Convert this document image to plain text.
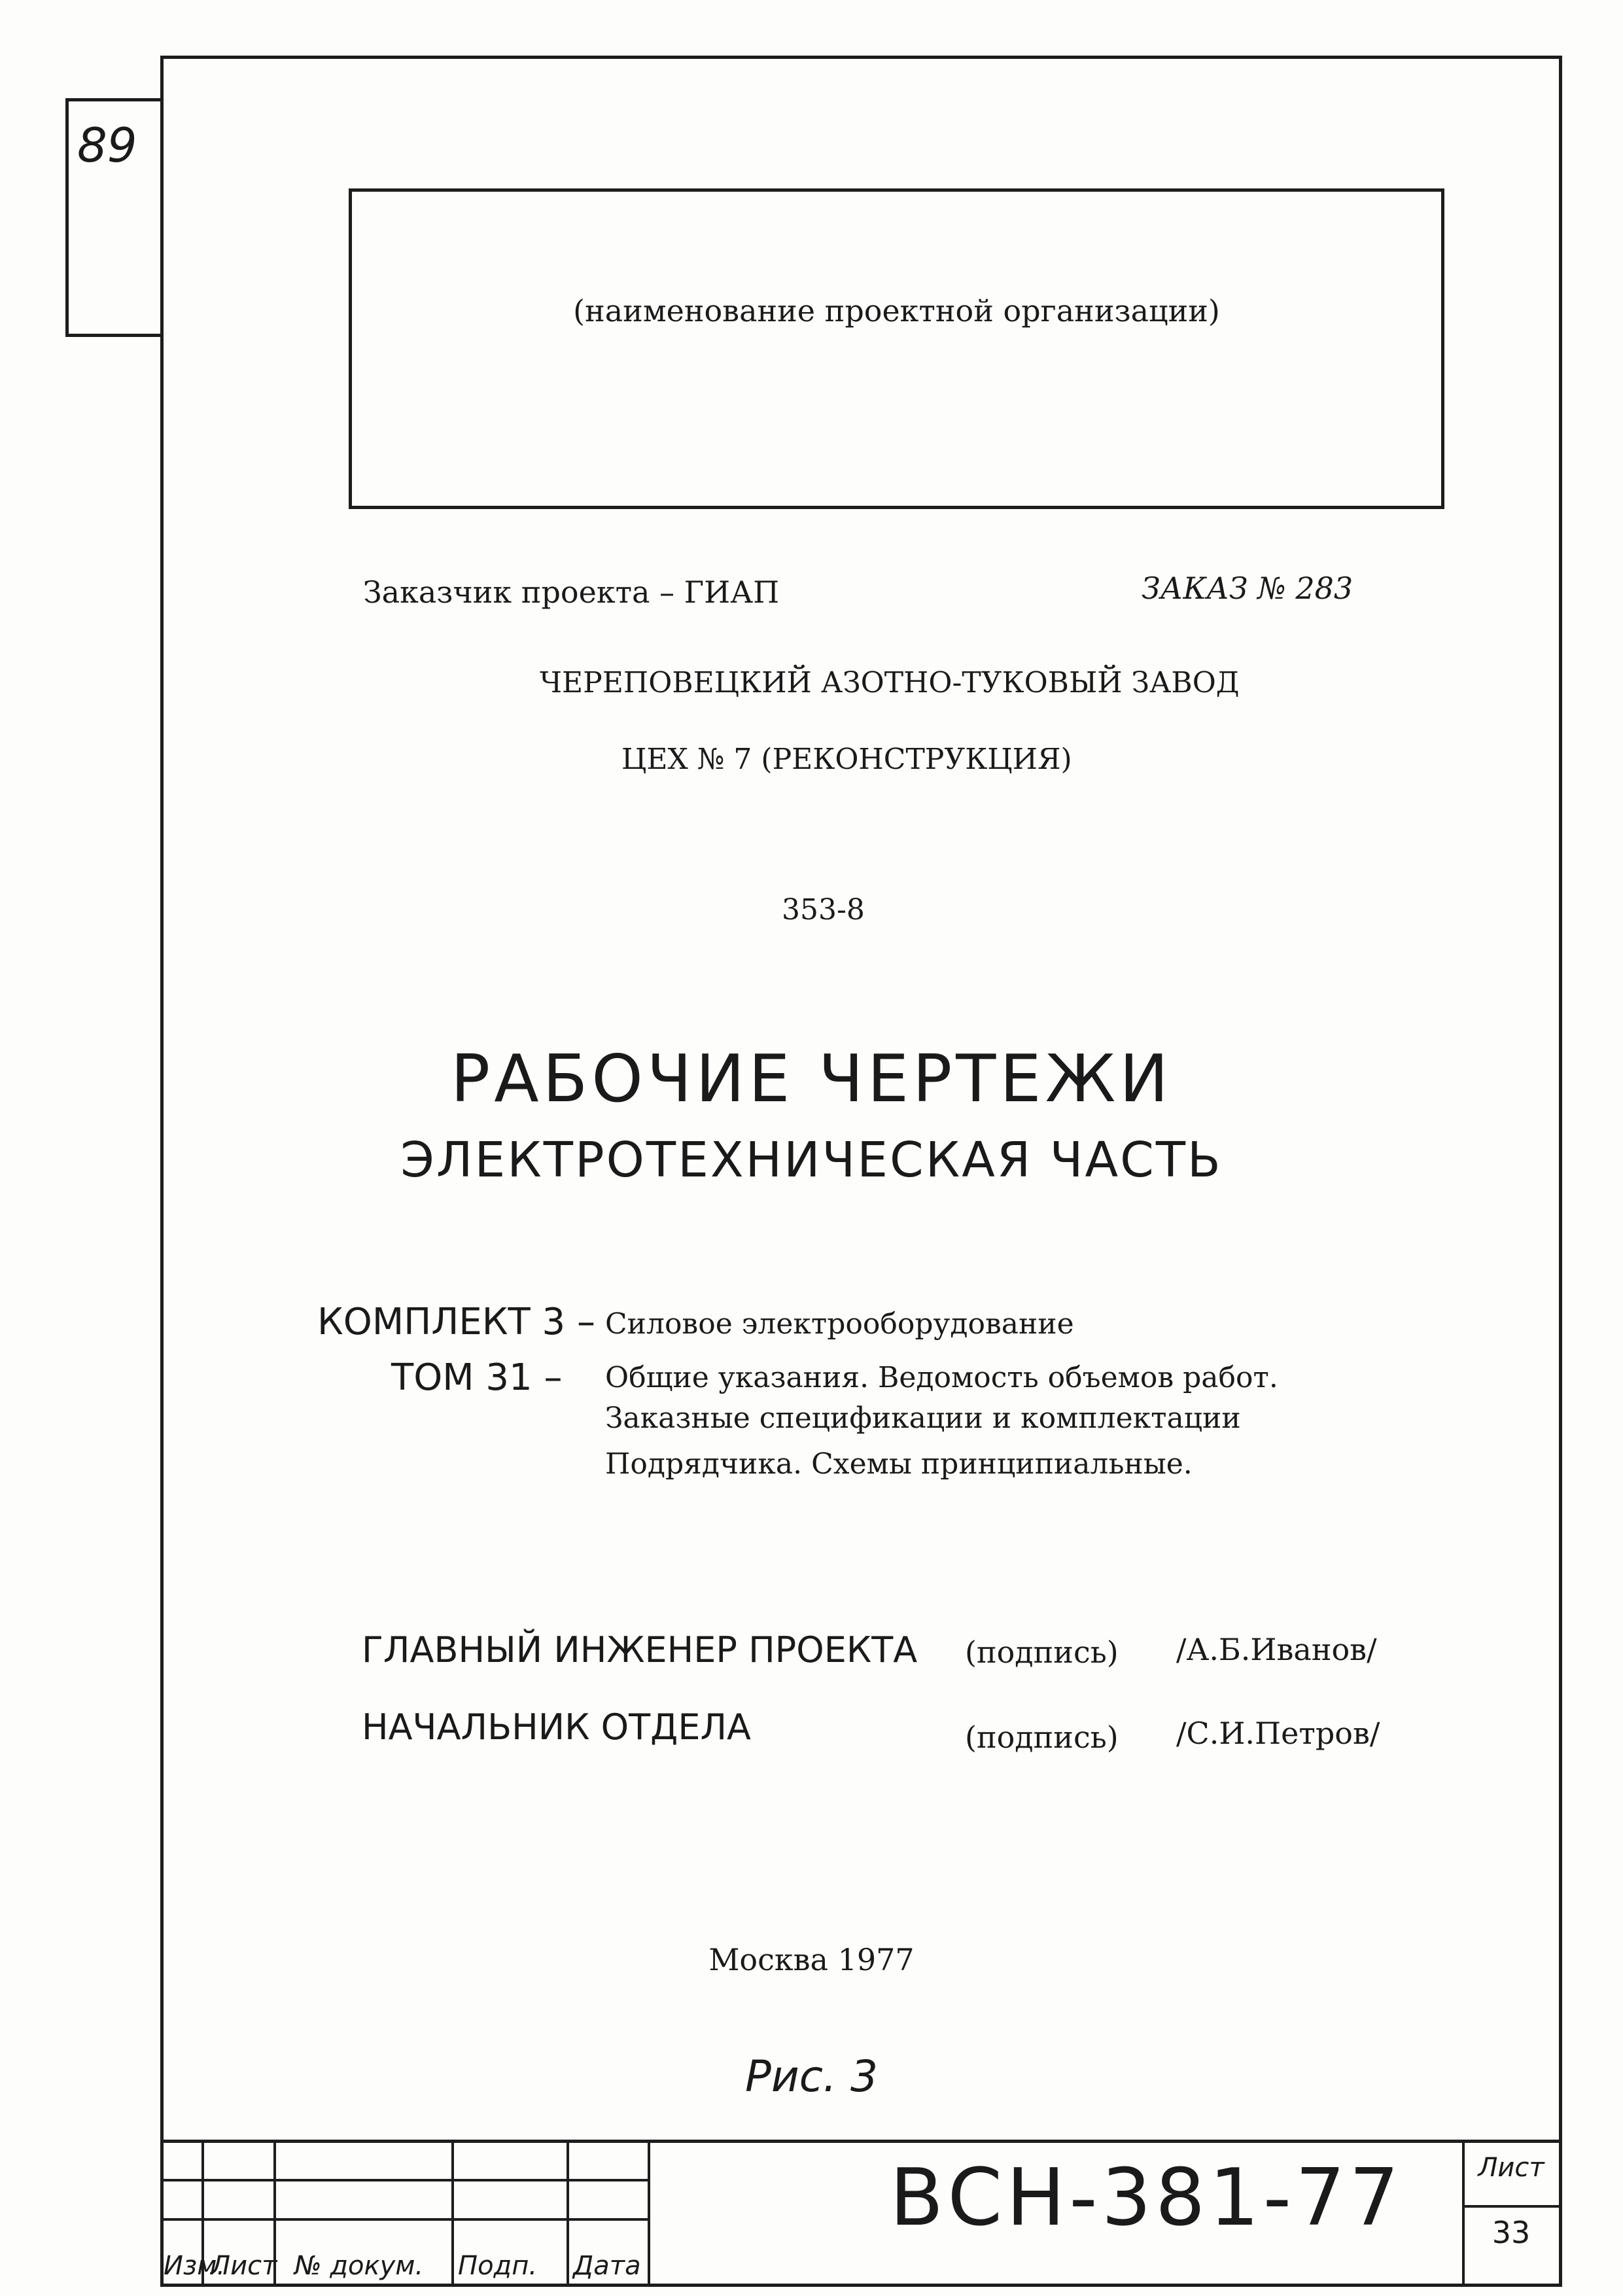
89
(наименование проектной организации)
Заказчик проекта – ГИАП	ЗАКАЗ № 283
ЧЕРЕПОВЕЦКИЙ АЗОТНО-ТУКОВЫЙ ЗАВОД
ЦЕХ № 7 (РЕКОНСТРУКЦИЯ)
353-8
РАБОЧИЕ ЧЕРТЕЖИ
ЭЛЕКТРОТЕХНИЧЕСКАЯ ЧАСТЬ
КОМПЛЕКТ 3 – Силовое электрооборудование
ТОМ 31 – Общие указания. Ведомость объемов работ.
Заказные спецификации и комплектации
Подрядчика. Схемы принципиальные.
ГЛАВНЫЙ ИНЖЕНЕР ПРОЕКТА (подпись) /А.Б.Иванов/
НАЧАЛЬНИК ОТДЕЛА	(подпись) /С.И.Петров/
Москва 1977
Рис. 3
Изм.
Лист № докум. Подп. Дата
ВСН-381-77	Лист
33
